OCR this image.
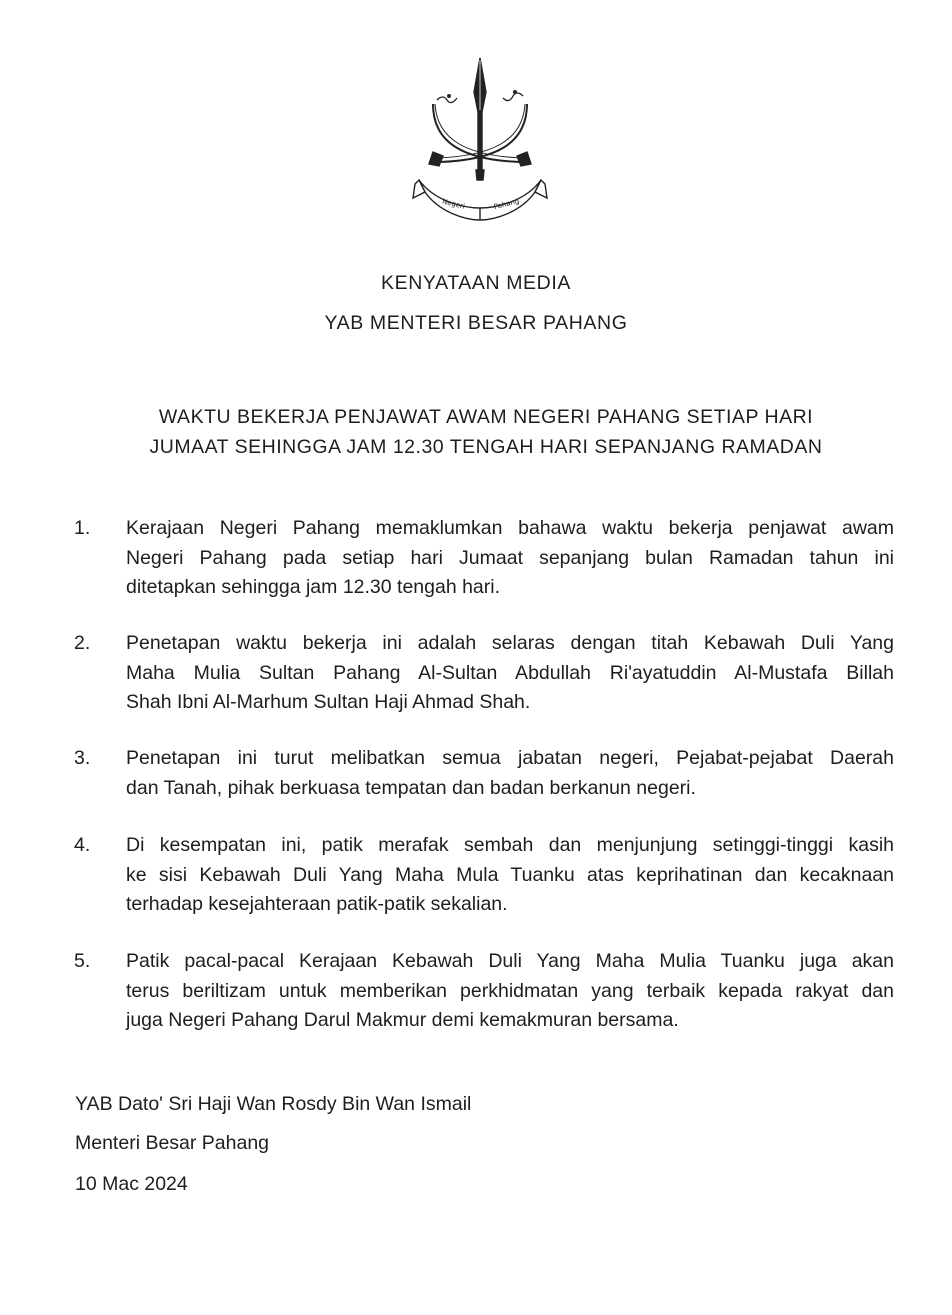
Negeri	Pahang
KENYATAAN MEDIA
YAB MENTERI BESAR PAHANG
WAKTU BEKERJA PENJAWAT AWAM NEGERI PAHANG SETIAP HARI
JUMAAT SEHINGGA JAM 12.30 TENGAH HARI SEPANJANG RAMADAN
1.	Kerajaan Negeri Pahang memaklumkan bahawa waktu bekerja penjawat awam
Negeri Pahang pada setiap hari Jumaat sepanjang bulan Ramadan tahun ini
ditetapkan sehingga jam 12.30 tengah hari.
2.	Penetapan waktu bekerja ini adalah selaras dengan titah Kebawah Duli Yang
Maha Mulia Sultan Pahang Al-Sultan Abdullah Ri'ayatuddin Al-Mustafa Billah
Shah Ibni Al-Marhum Sultan Haji Ahmad Shah.
3.	Penetapan ini turut melibatkan semua jabatan negeri, Pejabat-pejabat Daerah
dan Tanah, pihak berkuasa tempatan dan badan berkanun negeri.
4.	Di kesempatan ini, patik merafak sembah dan menjunjung setinggi-tinggi kasih
ke sisi Kebawah Duli Yang Maha Mula Tuanku atas keprihatinan dan kecaknaan
terhadap kesejahteraan patik-patik sekalian.
5.	Patik pacal-pacal Kerajaan Kebawah Duli Yang Maha Mulia Tuanku juga akan
terus beriltizam untuk memberikan perkhidmatan yang terbaik kepada rakyat dan
juga Negeri Pahang Darul Makmur demi kemakmuran bersama.
YAB Dato' Sri Haji Wan Rosdy Bin Wan Ismail
Menteri Besar Pahang
10 Mac 2024
